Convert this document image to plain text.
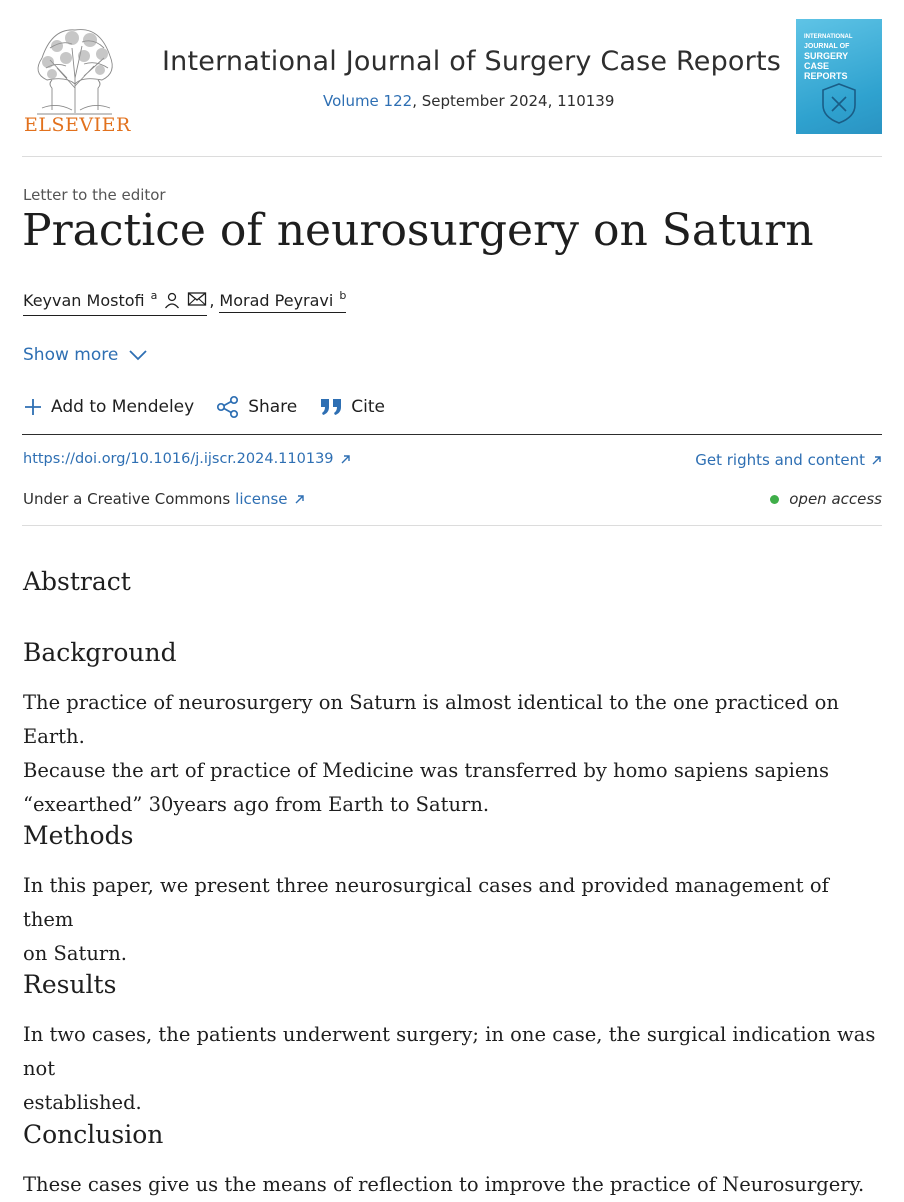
ELSEVIER
International Journal of Surgery Case Reports
Volume 122, September 2024, 110139
INTERNATIONAL
JOURNAL OF
SURGERY
CASE
REPORTS
Letter to the editor
Practice of neurosurgery on Saturn
Keyvan Mostofi $^a$	, Morad Peyravi $^b$
Show more
Add to Mendeley	Share	Cite
https://doi.org/10.1016/j.ijscr.2024.110139	Get rights and content
Under a Creative Commons license	open access
Abstract
Background
The practice of neurosurgery on Saturn is almost identical to the one practiced on Earth.
Because the art of practice of Medicine was transferred by homo sapiens sapiens
“exearthed” 30years ago from Earth to Saturn.
Methods
In this paper, we present three neurosurgical cases and provided management of them
on Saturn.
Results
In two cases, the patients underwent surgery; in one case, the surgical indication was not
established.
Conclusion
These cases give us the means of reflection to improve the practice of Neurosurgery.
